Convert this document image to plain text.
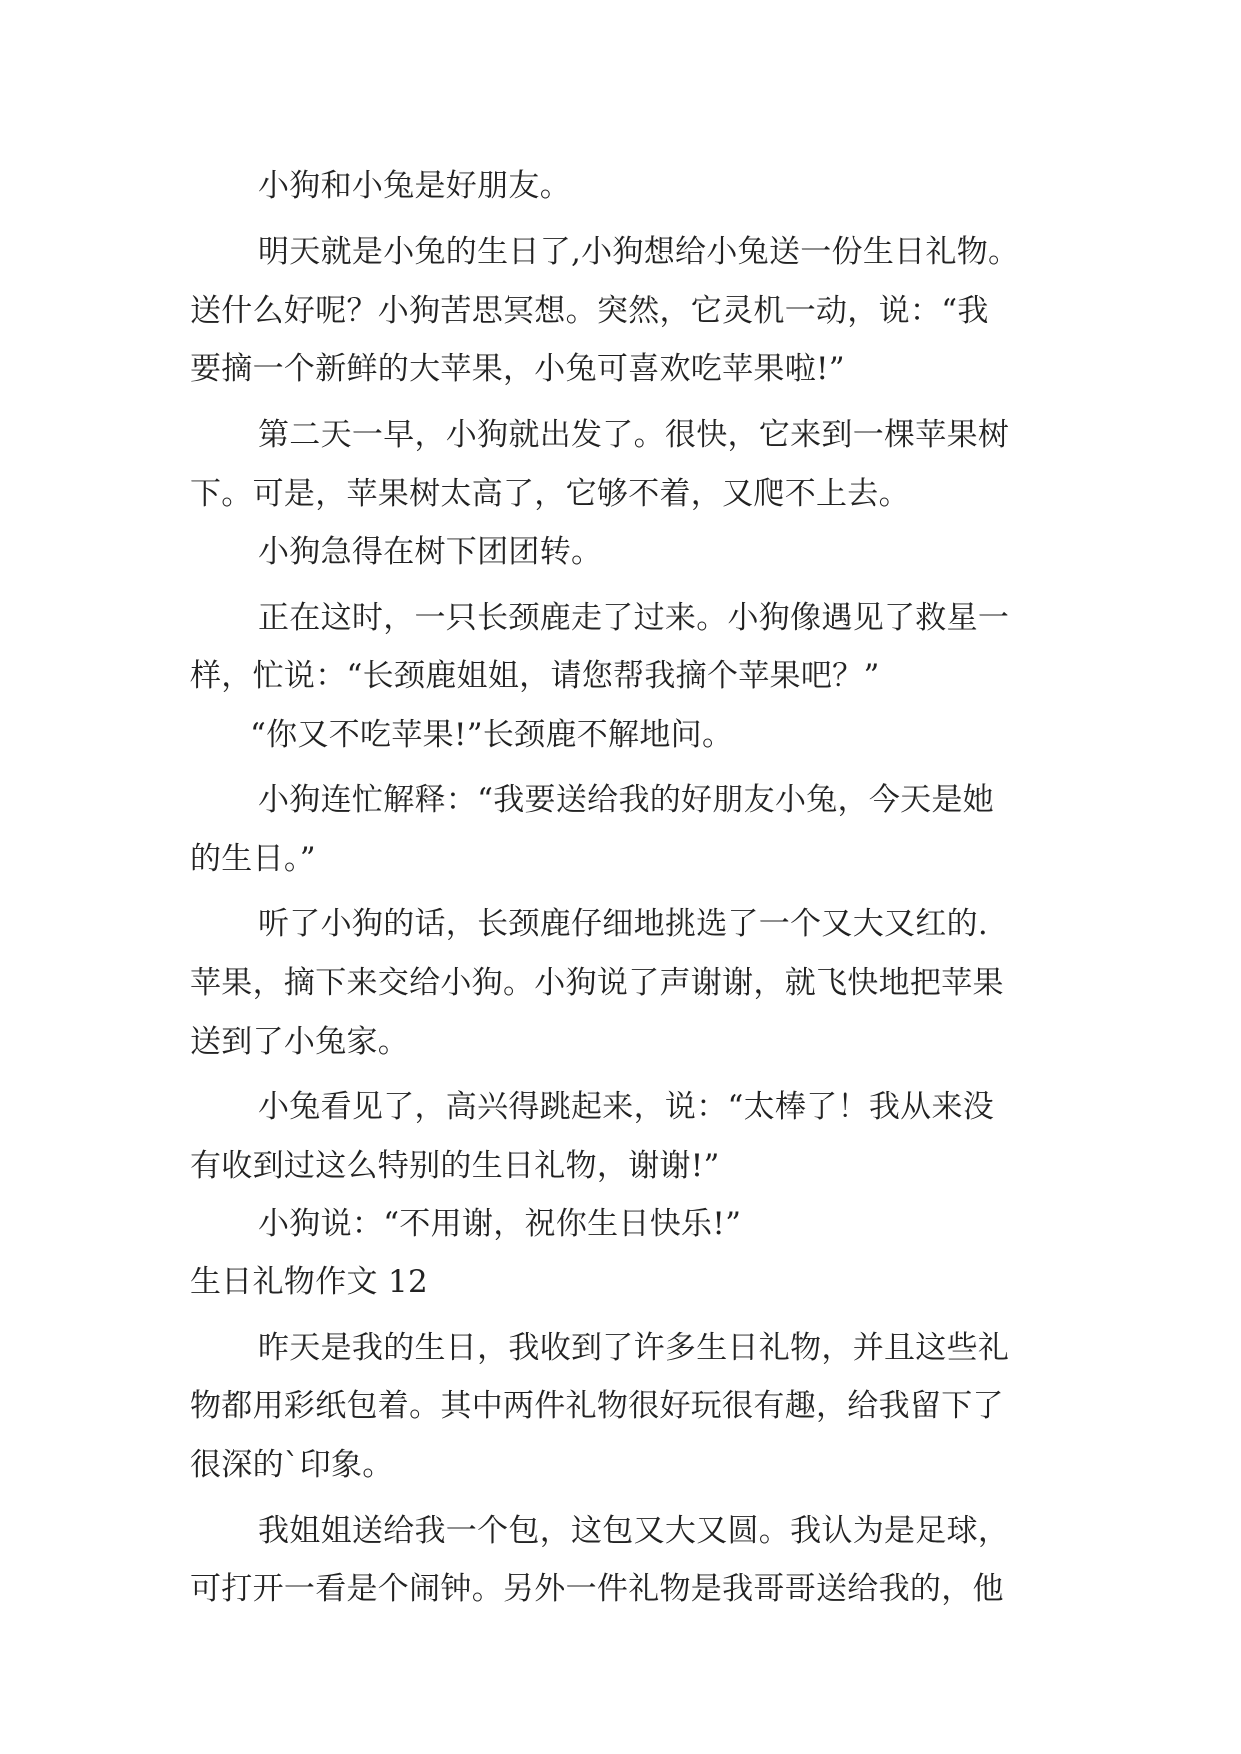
小狗和小兔是好朋友。
明天就是小兔的生日了,小狗想给小兔送一份生日礼物。
送什么好呢？小狗苦思冥想。突然，它灵机一动，说：“我
要摘一个新鲜的大苹果，小兔可喜欢吃苹果啦!”
第二天一早，小狗就出发了。很快，它来到一棵苹果树
下。可是，苹果树太高了，它够不着，又爬不上去。
小狗急得在树下团团转。
正在这时，一只长颈鹿走了过来。小狗像遇见了救星一
样，忙说：“长颈鹿姐姐，请您帮我摘个苹果吧？”
“你又不吃苹果!”长颈鹿不解地问。
小狗连忙解释：“我要送给我的好朋友小兔，今天是她
的生日。”
听了小狗的话，长颈鹿仔细地挑选了一个又大又红的.
苹果，摘下来交给小狗。小狗说了声谢谢，就飞快地把苹果
送到了小兔家。
小兔看见了，高兴得跳起来，说：“太棒了！我从来没
有收到过这么特别的生日礼物，谢谢!”
小狗说：“不用谢，祝你生日快乐!”
生日礼物作文 12
昨天是我的生日，我收到了许多生日礼物，并且这些礼
物都用彩纸包着。其中两件礼物很好玩很有趣，给我留下了
很深的`印象。
我姐姐送给我一个包，这包又大又圆。我认为是足球，
可打开一看是个闹钟。另外一件礼物是我哥哥送给我的，他
